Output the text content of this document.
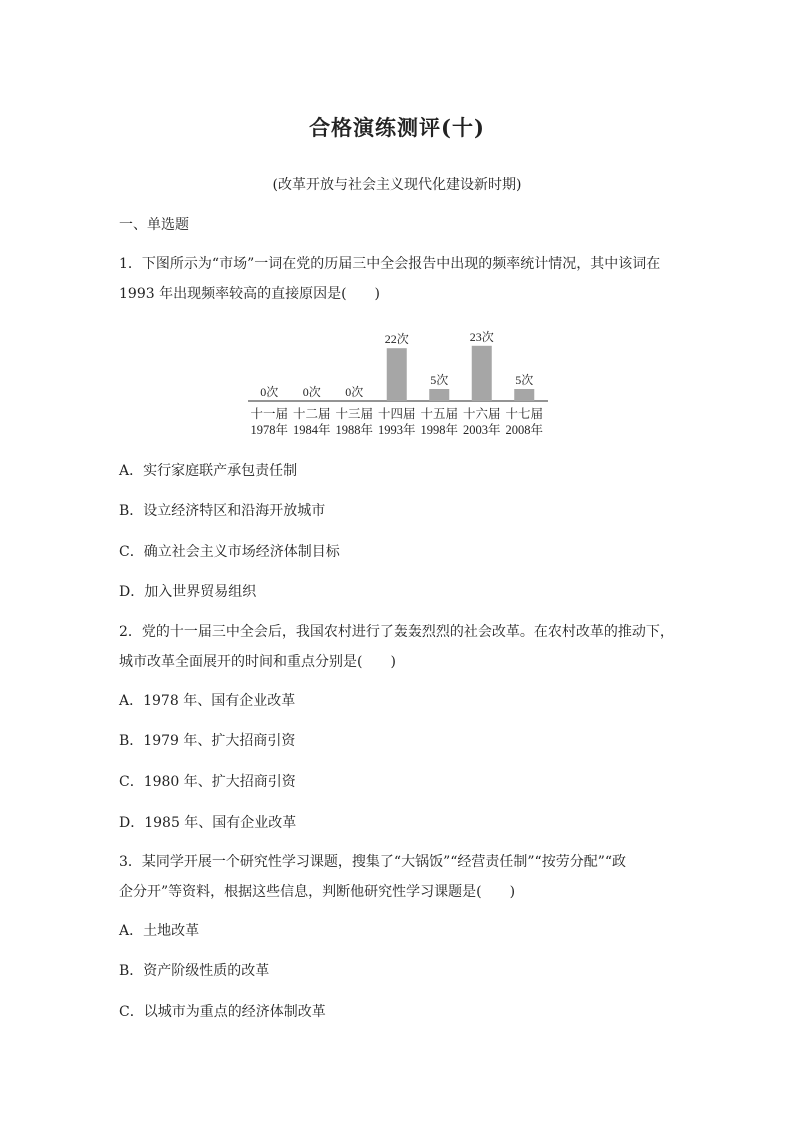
合格演练测评(十)
(改革开放与社会主义现代化建设新时期)
一、单选题
1．下图所示为“市场”一词在党的历届三中全会报告中出现的频率统计情况，其中该词在
1993 年出现频率较高的直接原因是(　　)
0次
十一届
1978年
0次
十二届
1984年
0次
十三届
1988年
22次
十四届
1993年
5次
十五届
1998年
23次
十六届
2003年
5次
十七届
2008年
A．实行家庭联产承包责任制
B．设立经济特区和沿海开放城市
C．确立社会主义市场经济体制目标
D．加入世界贸易组织
2．党的十一届三中全会后，我国农村进行了轰轰烈烈的社会改革。在农村改革的推动下，
城市改革全面展开的时间和重点分别是(　　)
A．1978 年、国有企业改革
B．1979 年、扩大招商引资
C．1980 年、扩大招商引资
D．1985 年、国有企业改革
3．某同学开展一个研究性学习课题，搜集了“大锅饭”“经营责任制”“按劳分配”“政
企分开”等资料，根据这些信息，判断他研究性学习课题是(　　)
A．土地改革
B．资产阶级性质的改革
C．以城市为重点的经济体制改革
